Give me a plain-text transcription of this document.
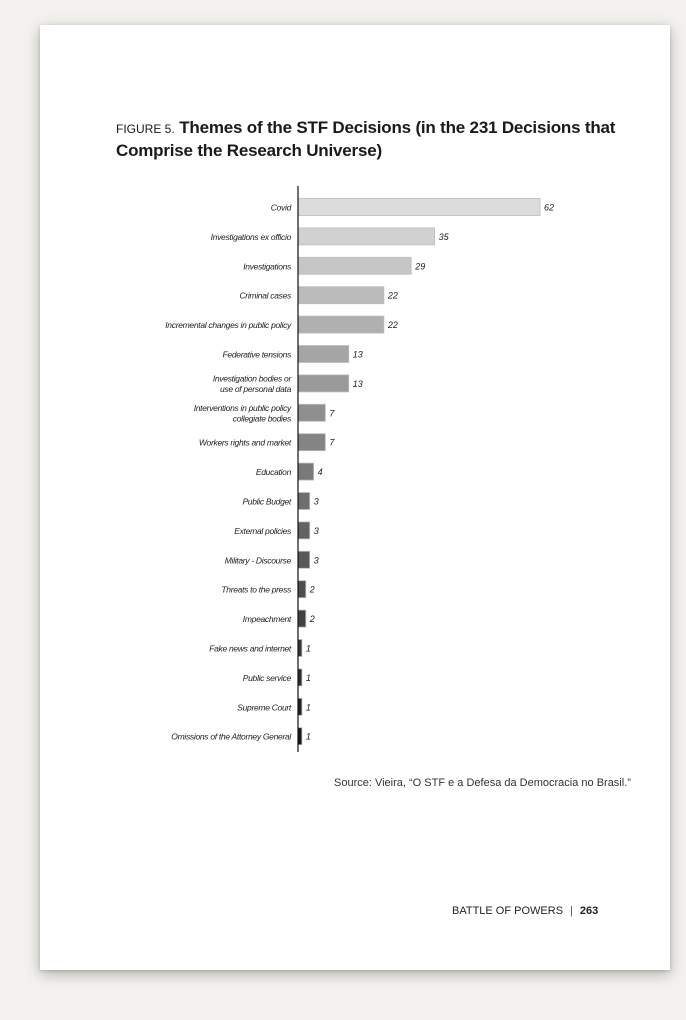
FIGURE 5. Themes of the STF Decisions (in the 231 Decisions that Comprise the Research Universe)
Source: Vieira, “O STF e a Defesa da Democracia no Brasil.”
BATTLE OF POWERS | 263
62
Covid
35
Investigations ex officio
29
Investigations
22
Criminal cases
22
Incremental changes in public policy
13
Federative tensions
13
Investigation bodies or
use of personal data
7
Interventions in public policy
collegiate bodies
7
Workers rights and market
4
Education
3
Public Budget
3
External policies
3
Military - Discourse
2
Threats to the press
2
Impeachment
1
Fake news and internet
1
Public service
1
Supreme Court
1
Omissions of the Attorney General
